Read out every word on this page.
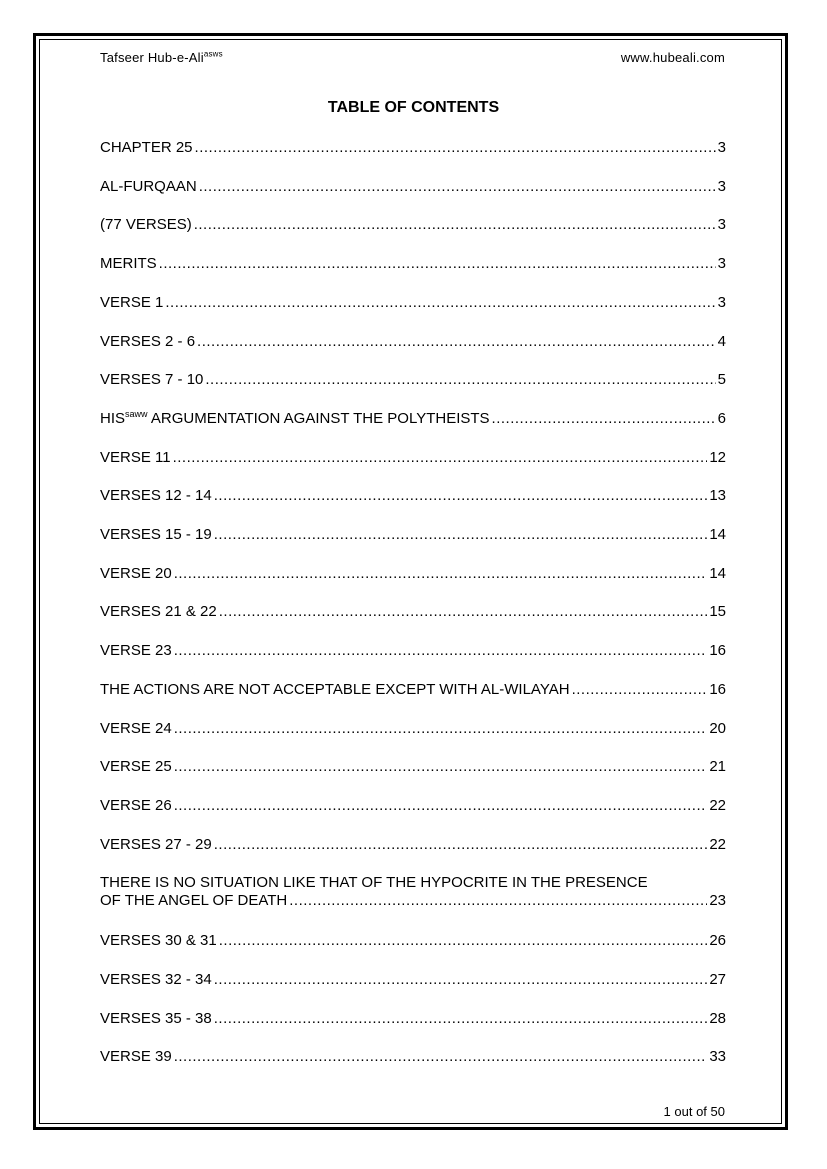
Tafseer Hub-e-Ali$^{asws}$	www.hubeali.com
TABLE OF CONTENTS
CHAPTER 25 .....	3
AL-FURQAAN .....	3
(77 VERSES) .....	3
MERITS .....	3
VERSE 1 .....	3
VERSES 2 - 6 .....	4
VERSES 7 - 10 .....	5
$HIS^{saww}$ ARGUMENTATION AGAINST THE POLYTHEISTS .....	6
VERSE 11 .....	12
VERSES 12 - 14 .....	13
VERSES 15 - 19 .....	14
VERSE 20 .....	14
VERSES 21 & 22 .....	15
VERSE 23 .....	16
THE ACTIONS ARE NOT ACCEPTABLE EXCEPT WITH AL-WILAYAH .....	16
VERSE 24 .....	20
VERSE 25 .....	21
VERSE 26 .....	22
VERSES 27 - 29 .....	22
THERE IS NO SITUATION LIKE THAT OF THE HYPOCRITE IN THE PRESENCE
OF THE ANGEL OF DEATH .....	23
VERSES 30 & 31 .....	26
VERSES 32 - 34 .....	27
VERSES 35 - 38 .....	28
VERSE 39 .....	33
1 out of 50
